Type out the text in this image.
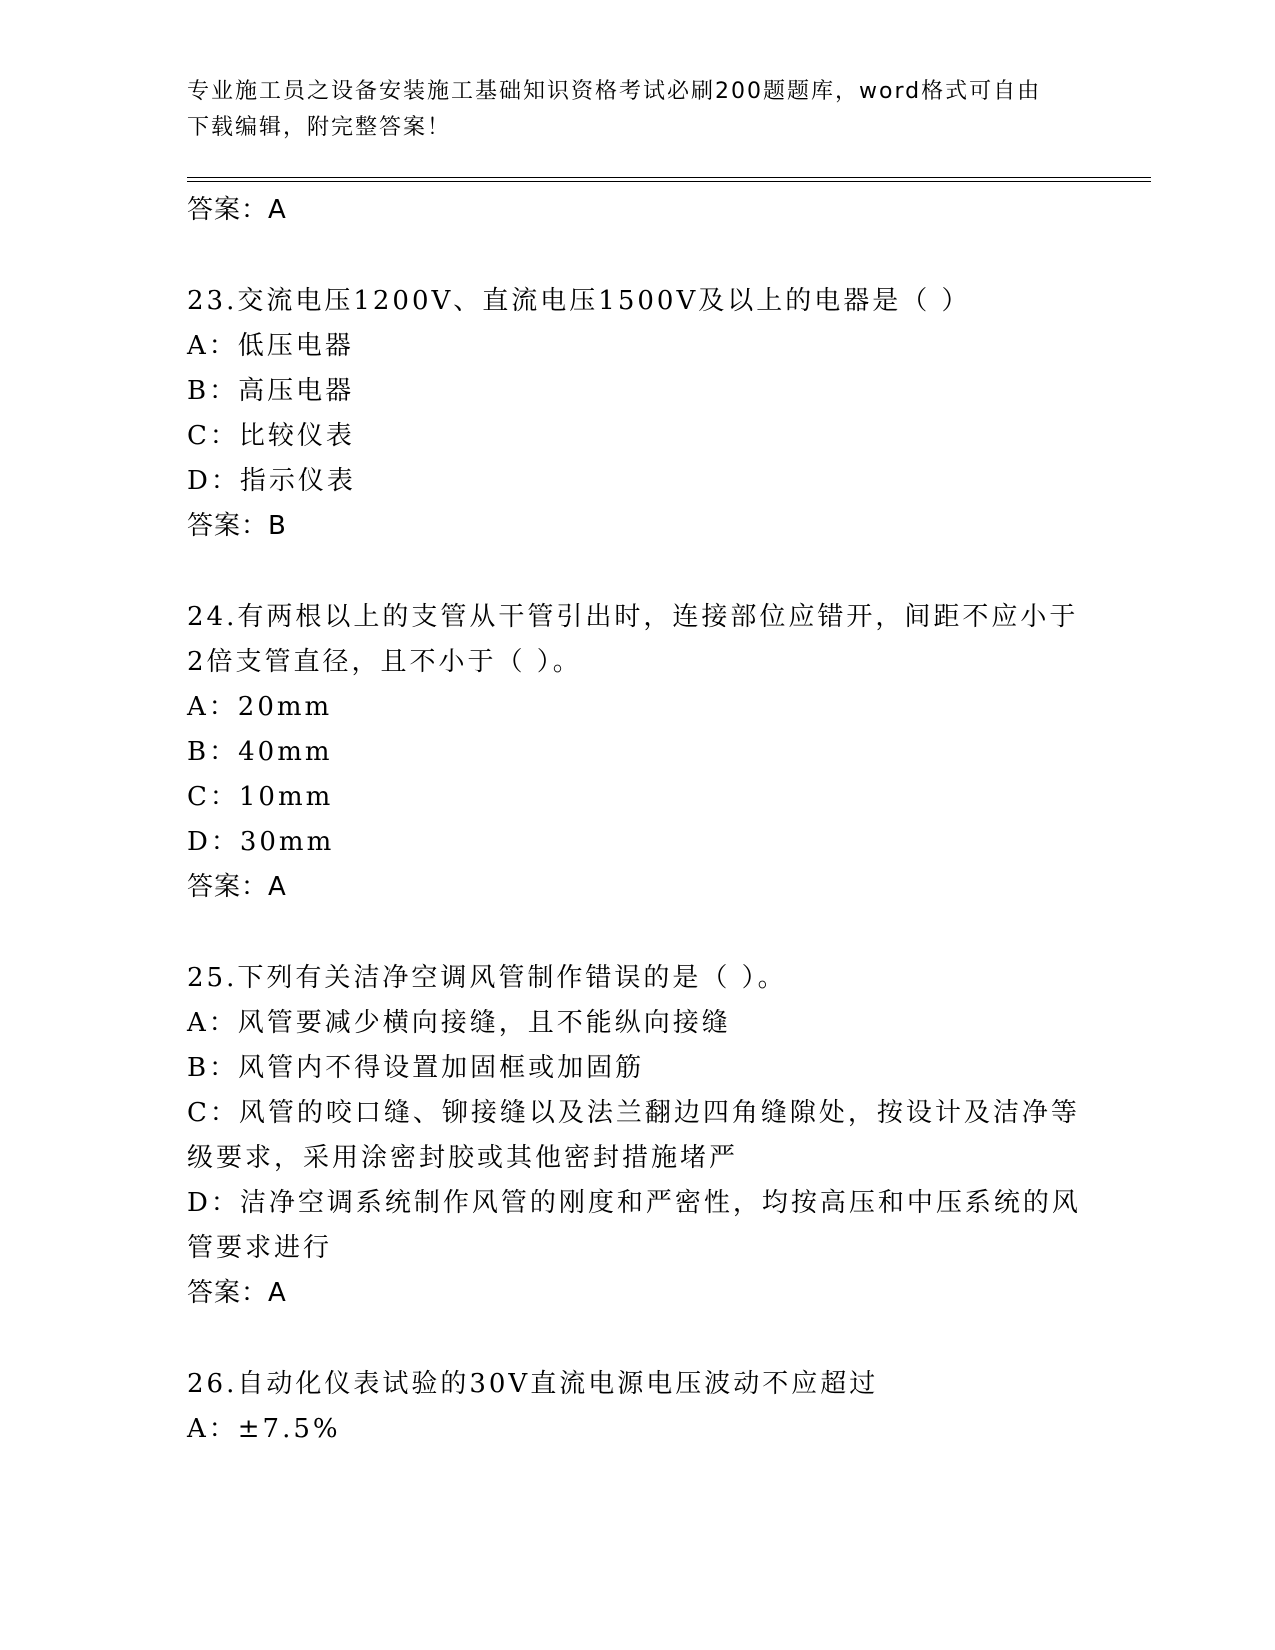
专业施工员之设备安装施工基础知识资格考试必刷200题题库，word格式可自由
下载编辑，附完整答案！
答案：A
23.交流电压1200V、直流电压1500V及以上的电器是（ ）
A：低压电器
B：高压电器
C：比较仪表
D：指示仪表
答案：B
24.有两根以上的支管从干管引出时，连接部位应错开，间距不应小于
2倍支管直径，且不小于（ ）。
A：20mm
B：40mm
C：10mm
D：30mm
答案：A
25.下列有关洁净空调风管制作错误的是（ ）。
A：风管要减少横向接缝，且不能纵向接缝
B：风管内不得设置加固框或加固筋
C：风管的咬口缝、铆接缝以及法兰翻边四角缝隙处，按设计及洁净等
级要求，采用涂密封胶或其他密封措施堵严
D：洁净空调系统制作风管的刚度和严密性，均按高压和中压系统的风
管要求进行
答案：A
26.自动化仪表试验的30V直流电源电压波动不应超过
A：±7.5%
